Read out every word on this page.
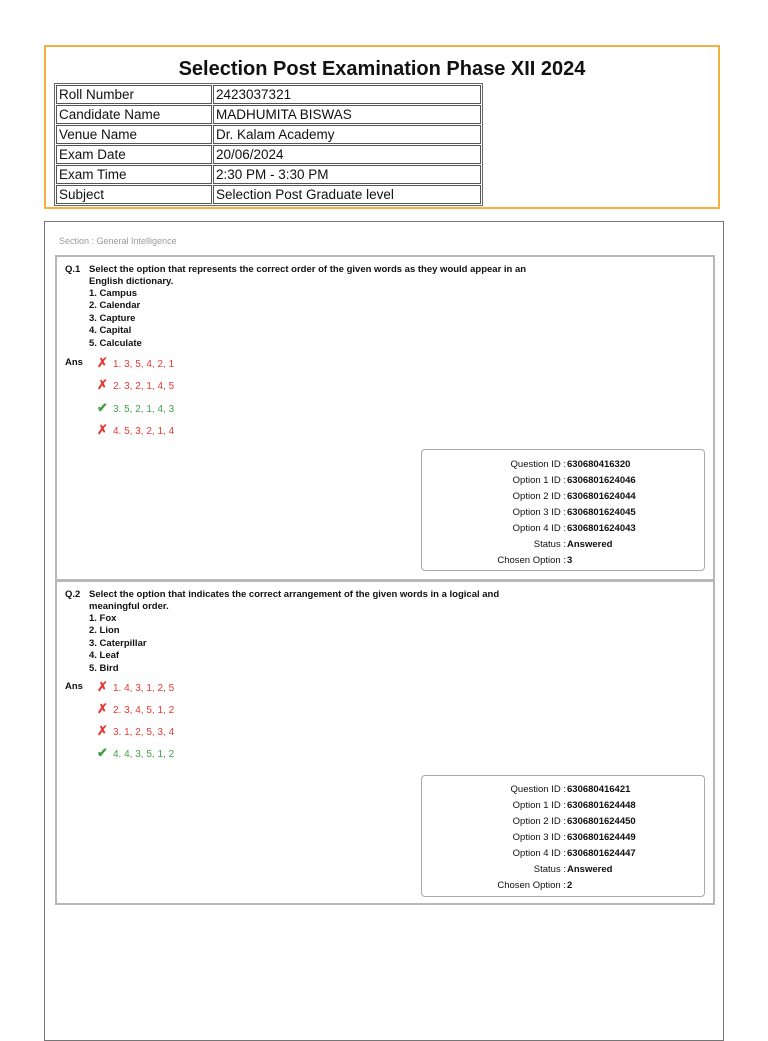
Selection Post Examination Phase XII 2024
Roll Number	2423037321
Candidate Name	MADHUMITA BISWAS
Venue Name	Dr. Kalam Academy
Exam Date	20/06/2024
Exam Time	2:30 PM - 3:30 PM
Subject	Selection Post Graduate level
Section : General Intelligence
Q.1 Select the option that represents the correct order of the given words as they would appear in an English dictionary.
1. Campus
2. Calendar
3. Capture
4. Capital
5. Calculate
Ans ✗ 1. 3, 5, 4, 2, 1
✗ 2. 3, 2, 1, 4, 5
✔ 3. 5, 2, 1, 4, 3
✗ 4. 5, 3, 2, 1, 4
Question ID : 630680416320
Option 1 ID : 6306801624046
Option 2 ID : 6306801624044
Option 3 ID : 6306801624045
Option 4 ID : 6306801624043
Status : Answered
Chosen Option : 3
Q.2 Select the option that indicates the correct arrangement of the given words in a logical and meaningful order.
1. Fox
2. Lion
3. Caterpillar
4. Leaf
5. Bird
Ans ✗ 1. 4, 3, 1, 2, 5
✗ 2. 3, 4, 5, 1, 2
✗ 3. 1, 2, 5, 3, 4
✔ 4. 4, 3, 5, 1, 2
Question ID : 630680416421
Option 1 ID : 6306801624448
Option 2 ID : 6306801624450
Option 3 ID : 6306801624449
Option 4 ID : 6306801624447
Status : Answered
Chosen Option : 2
